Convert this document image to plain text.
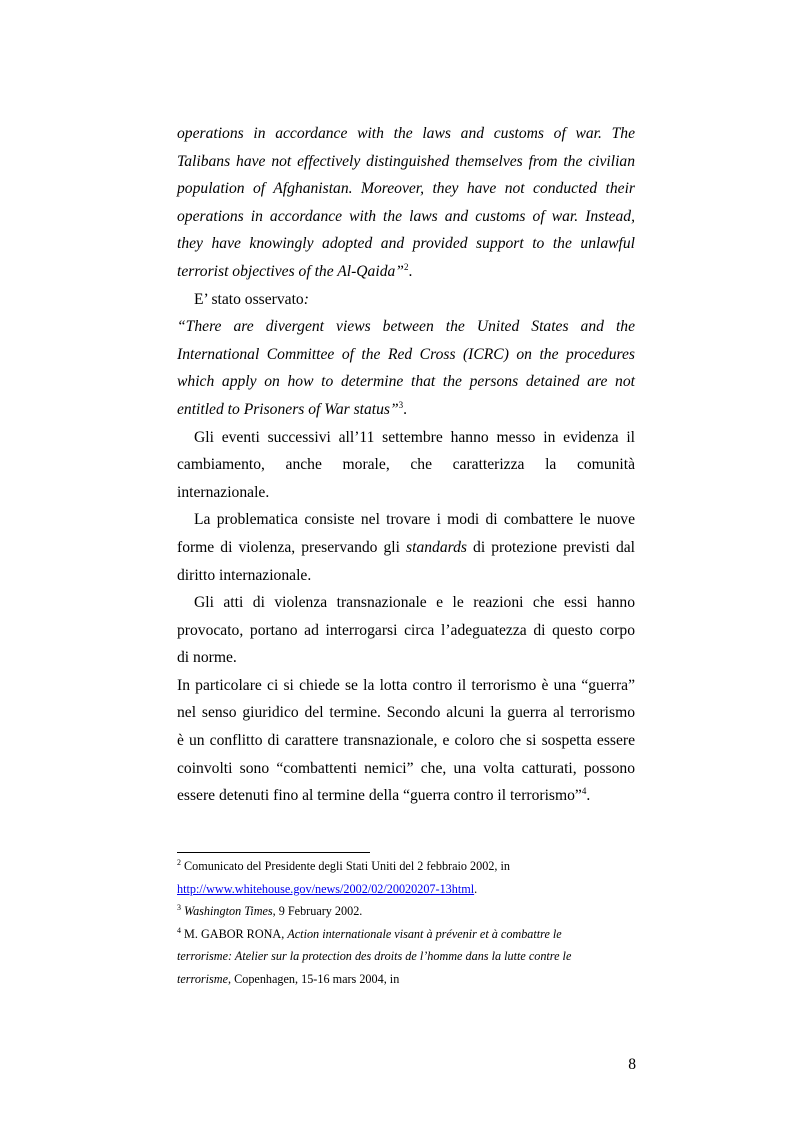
operations in accordance with the laws and customs of war. The

Talibans have not effectively distinguished themselves from the civilian

population of Afghanistan. Moreover, they have not conducted their

operations in accordance with the laws and customs of war. Instead,

they have knowingly adopted and provided support to the unlawful

terrorist objectives of the Al-Qaida”$^2$.

E’ stato osservato:

“There are divergent views between the United States and the

International Committee of the Red Cross (ICRC) on the procedures

which apply on how to determine that the persons detained are not

entitled to Prisoners of War status”$^3$.

Gli eventi successivi all’11 settembre hanno messo in evidenza il

cambiamento, anche morale, che caratterizza la comunità

internazionale.

La problematica consiste nel trovare i modi di combattere le nuove

forme di violenza, preservando gli standards di protezione previsti dal

diritto internazionale.

Gli atti di violenza transnazionale e le reazioni che essi hanno

provocato, portano ad interrogarsi circa l’adeguatezza di questo corpo

di norme.

In particolare ci si chiede se la lotta contro il terrorismo è una “guerra”

nel senso giuridico del termine. Secondo alcuni la guerra al terrorismo

è un conflitto di carattere transnazionale, e coloro che si sospetta essere

coinvolti sono “combattenti nemici” che, una volta catturati, possono

essere detenuti fino al termine della “guerra contro il terrorismo”$^4$.

$^2$ Comunicato del Presidente degli Stati Uniti del 2 febbraio 2002, in

http://www.whitehouse.gov/news/2002/02/20020207-13html.

$^3$ Washington Times, 9 February 2002.

$^4$ M. GABOR RONA, Action internationale visant à prévenir et à combattre le

terrorisme: Atelier sur la protection des droits de l’homme dans la lutte contre le

terrorisme, Copenhagen, 15-16 mars 2004, in

8
